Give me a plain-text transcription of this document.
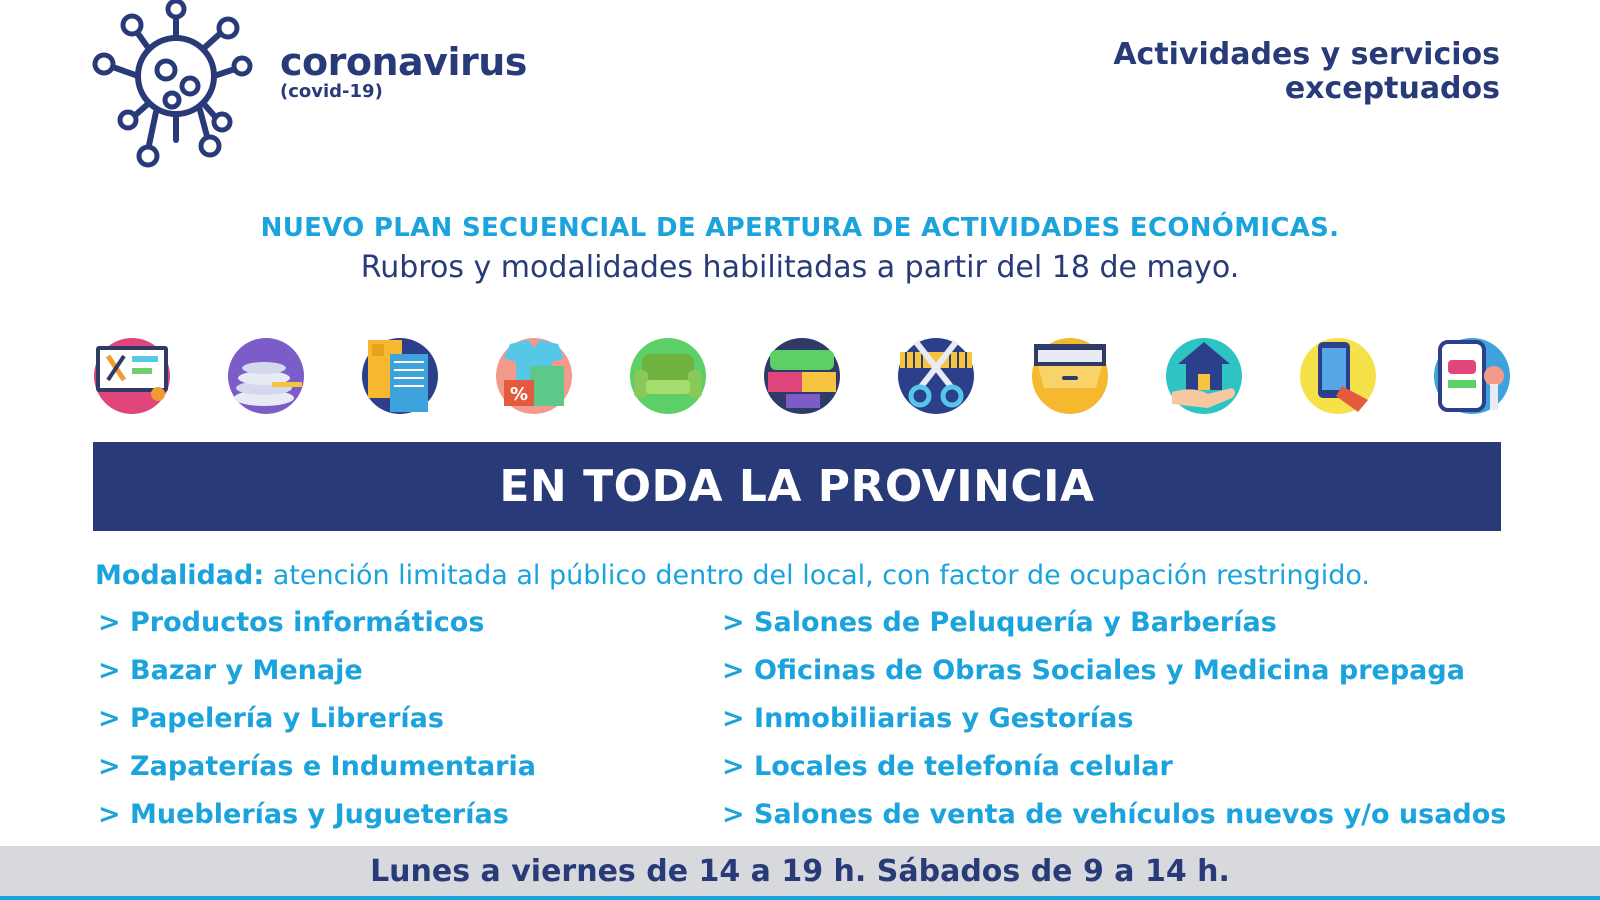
coronavirus
(covid-19)
Actividades y servicios
exceptuados
NUEVO PLAN SECUENCIAL DE APERTURA DE ACTIVIDADES ECONÓMICAS.
Rubros y modalidades habilitadas a partir del 18 de mayo.
%
EN TODA LA PROVINCIA
Modalidad: atención limitada al público dentro del local, con factor de ocupación restringido.
> Productos informáticos
> Bazar y Menaje
> Papelería y Librerías
> Zapaterías e Indumentaria
> Mueblerías y Jugueterías
> Salones de Peluquería y Barberías
> Oficinas de Obras Sociales y Medicina prepaga
> Inmobiliarias y Gestorías
> Locales de telefonía celular
> Salones de venta de vehículos nuevos y/o usados
Lunes a viernes de 14 a 19 h. Sábados de 9 a 14 h.
